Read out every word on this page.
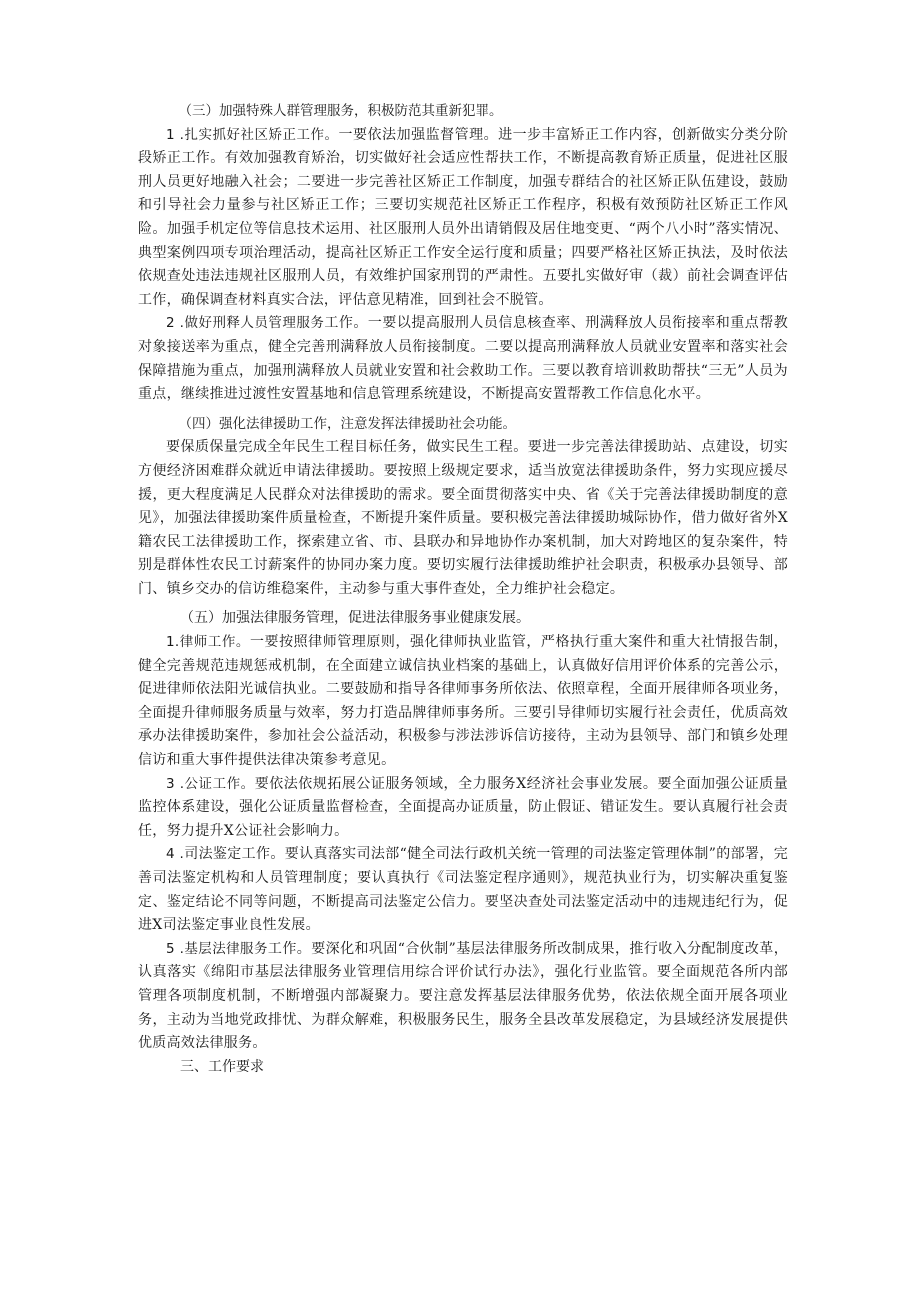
（三）加强特殊人群管理服务，积极防范其重新犯罪。

1 .扎实抓好社区矫正工作。一要依法加强监督管理。进一步丰富矫正工作内容，创新做实分类分阶段矫正工作。有效加强教育矫治，切实做好社会适应性帮扶工作，不断提高教育矫正质量，促进社区服刑人员更好地融入社会；二要进一步完善社区矫正工作制度，加强专群结合的社区矫正队伍建设，鼓励和引导社会力量参与社区矫正工作；三要切实规范社区矫正工作程序，积极有效预防社区矫正工作风险。加强手机定位等信息技术运用、社区服刑人员外出请销假及居住地变更、“两个八小时”落实情况、典型案例四项专项治理活动，提高社区矫正工作安全运行度和质量；四要严格社区矫正执法，及时依法依规查处违法违规社区服刑人员，有效维护国家刑罚的严肃性。五要扎实做好审（裁）前社会调查评估工作，确保调查材料真实合法，评估意见精准，回到社会不脱管。

2 .做好刑释人员管理服务工作。一要以提高服刑人员信息核查率、刑满释放人员衔接率和重点帮教对象接送率为重点，健全完善刑满释放人员衔接制度。二要以提高刑满释放人员就业安置率和落实社会保障措施为重点，加强刑满释放人员就业安置和社会救助工作。三要以教育培训救助帮扶“三无”人员为重点，继续推进过渡性安置基地和信息管理系统建设，不断提高安置帮教工作信息化水平。

（四）强化法律援助工作，注意发挥法律援助社会功能。

要保质保量完成全年民生工程目标任务，做实民生工程。要进一步完善法律援助站、点建设，切实方便经济困难群众就近申请法律援助。要按照上级规定要求，适当放宽法律援助条件，努力实现应援尽援，更大程度满足人民群众对法律援助的需求。要全面贯彻落实中央、省《关于完善法律援助制度的意见》，加强法律援助案件质量检查，不断提升案件质量。要积极完善法律援助城际协作，借力做好省外X籍农民工法律援助工作，探索建立省、市、县联办和异地协作办案机制，加大对跨地区的复杂案件，特别是群体性农民工讨薪案件的协同办案力度。要切实履行法律援助维护社会职责，积极承办县领导、部门、镇乡交办的信访维稳案件，主动参与重大事件查处，全力维护社会稳定。

（五）加强法律服务管理，促进法律服务事业健康发展。

1.律师工作。一要按照律师管理原则，强化律师执业监管，严格执行重大案件和重大社情报告制，健全完善规范违规惩戒机制，在全面建立诚信执业档案的基础上，认真做好信用评价体系的完善公示，促进律师依法阳光诚信执业。二要鼓励和指导各律师事务所依法、依照章程，全面开展律师各项业务，全面提升律师服务质量与效率，努力打造品牌律师事务所。三要引导律师切实履行社会责任，优质高效承办法律援助案件，参加社会公益活动，积极参与涉法涉诉信访接待，主动为县领导、部门和镇乡处理信访和重大事件提供法律决策参考意见。

3 .公证工作。要依法依规拓展公证服务领域，全力服务X经济社会事业发展。要全面加强公证质量监控体系建设，强化公证质量监督检查，全面提高办证质量，防止假证、错证发生。要认真履行社会责任，努力提升X公证社会影响力。

4 .司法鉴定工作。要认真落实司法部“健全司法行政机关统一管理的司法鉴定管理体制”的部署，完善司法鉴定机构和人员管理制度；要认真执行《司法鉴定程序通则》，规范执业行为，切实解决重复鉴定、鉴定结论不同等问题，不断提高司法鉴定公信力。要坚决查处司法鉴定活动中的违规违纪行为，促进X司法鉴定事业良性发展。

5 .基层法律服务工作。要深化和巩固“合伙制”基层法律服务所改制成果，推行收入分配制度改革，认真落实《绵阳市基层法律服务业管理信用综合评价试行办法》，强化行业监管。要全面规范各所内部管理各项制度机制，不断增强内部凝聚力。要注意发挥基层法律服务优势，依法依规全面开展各项业务，主动为当地党政排忧、为群众解难，积极服务民生，服务全县改革发展稳定，为县域经济发展提供优质高效法律服务。

三、工作要求
